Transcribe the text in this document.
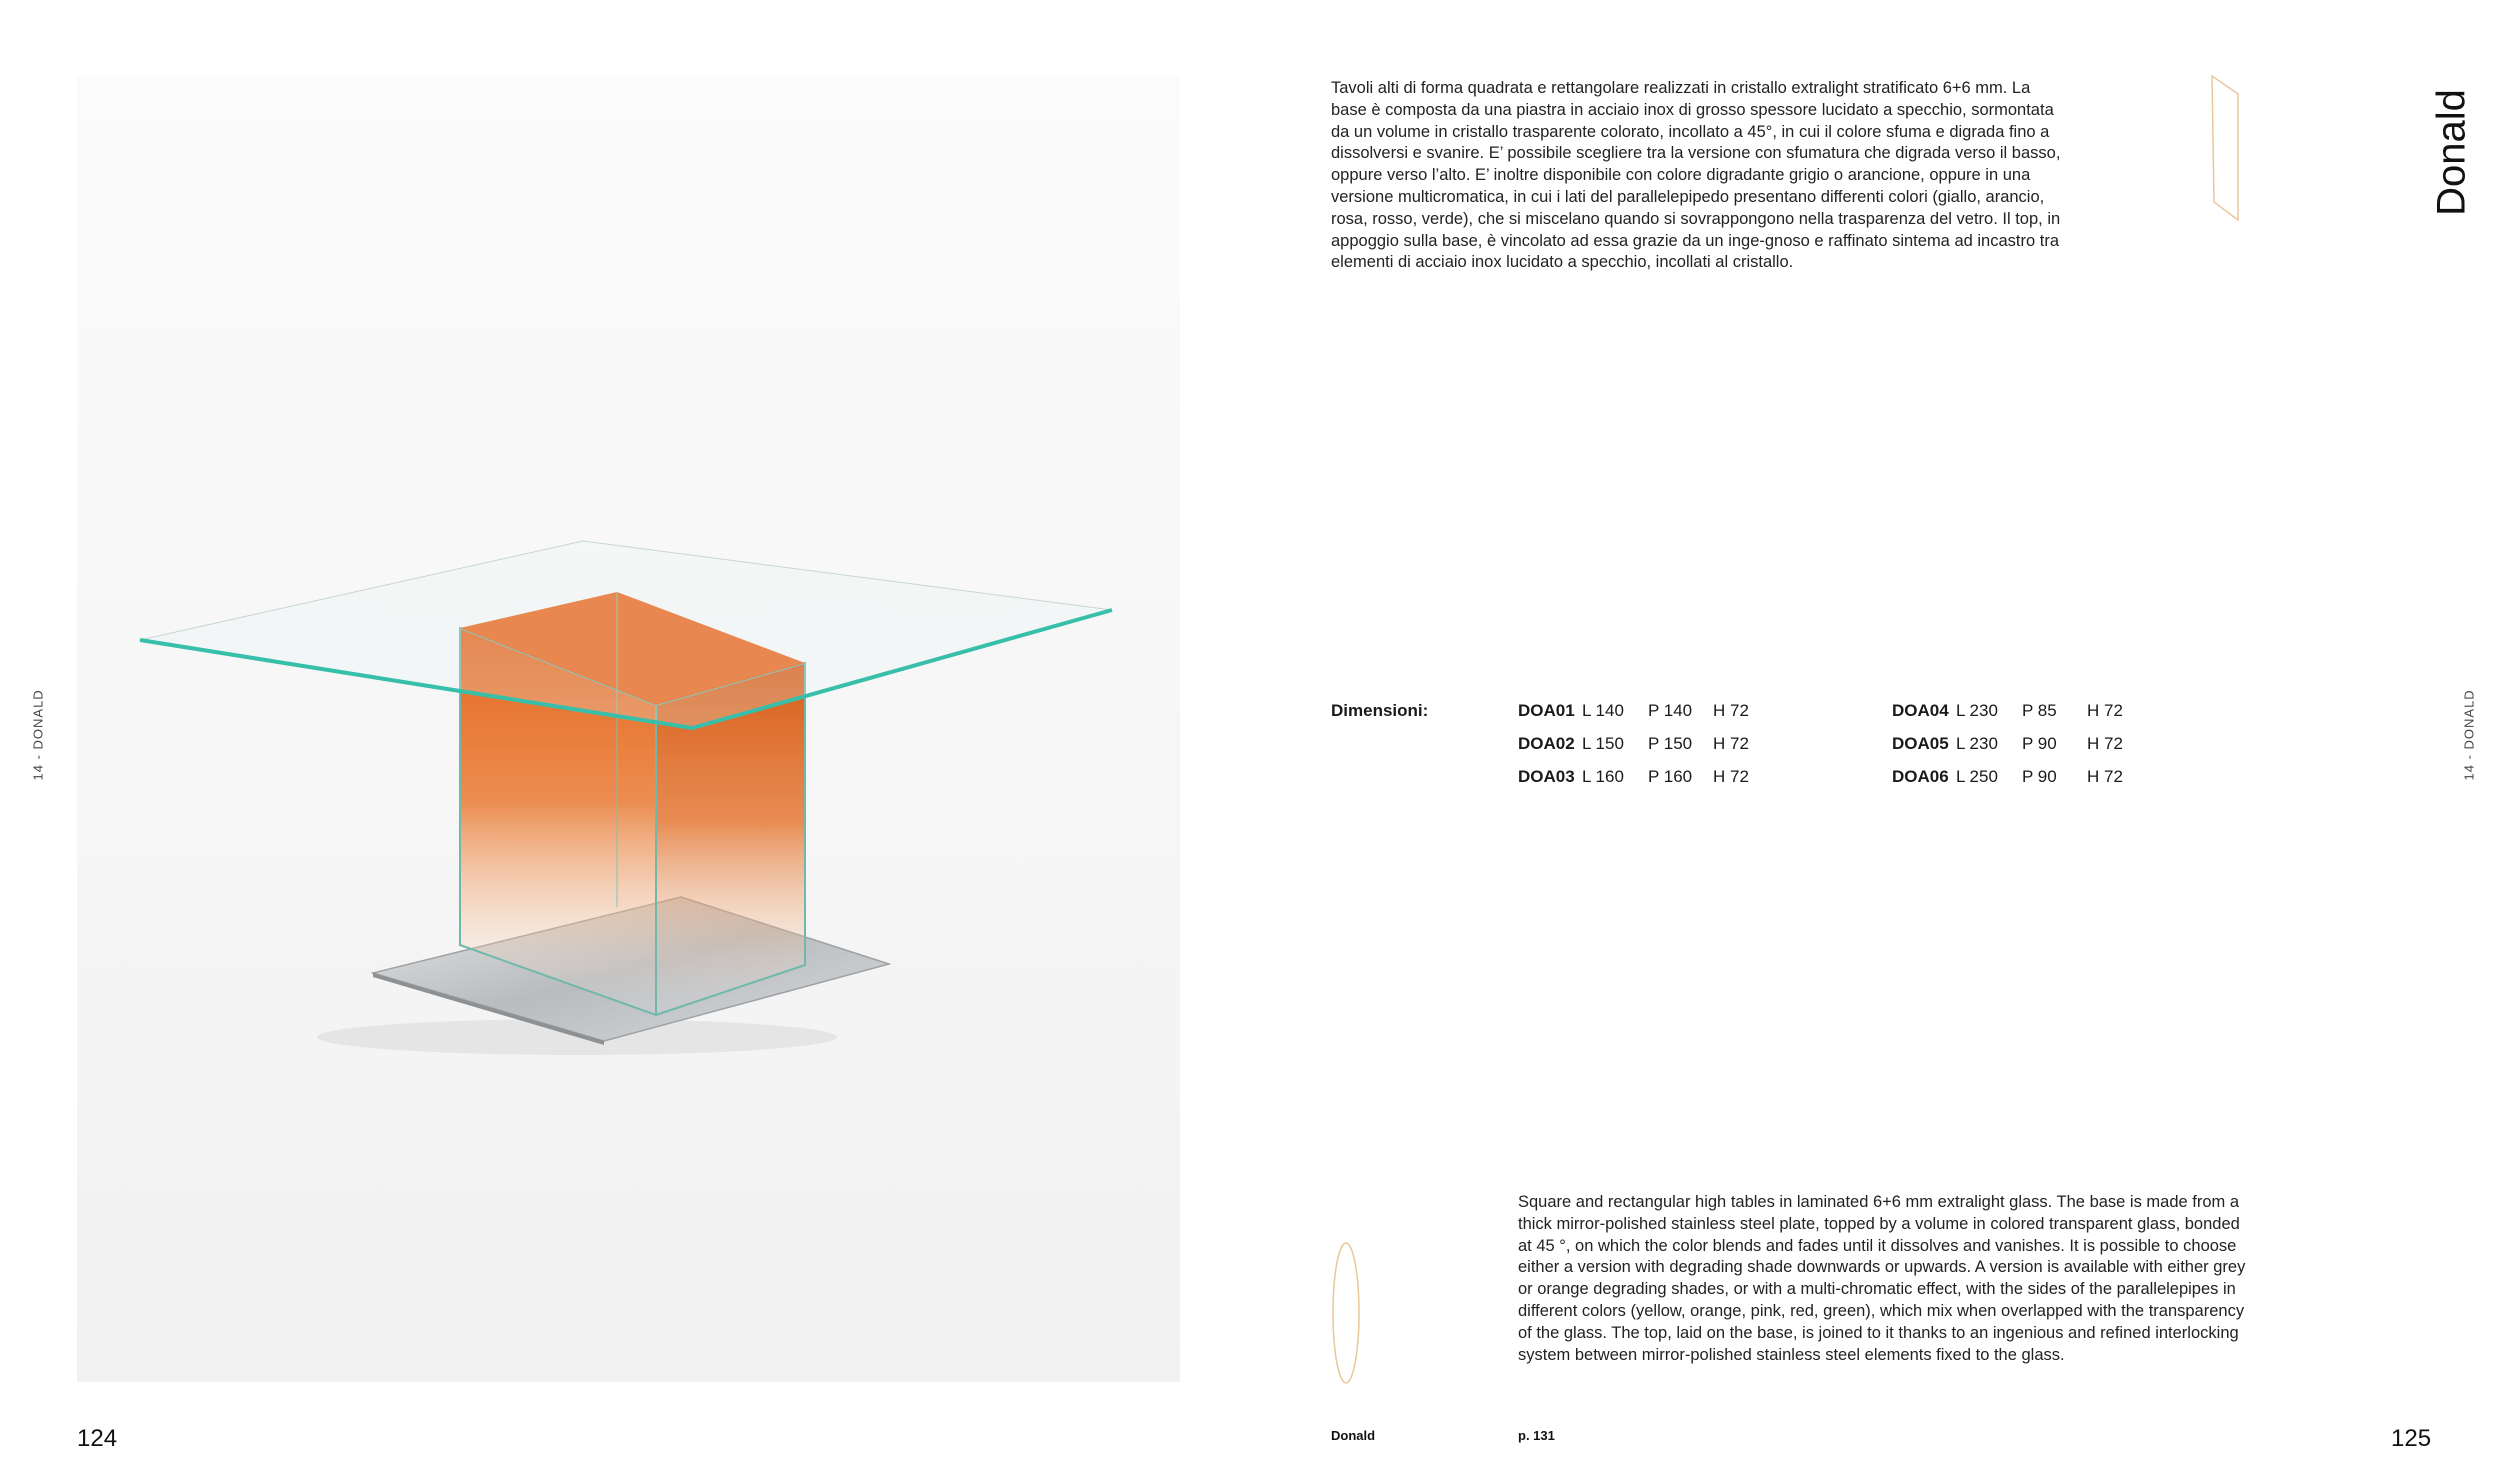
14 - DONALD
124
Tavoli alti di forma quadrata e rettangolare realizzati in cristallo extralight stratificato 6+6 mm. La base è composta da una piastra in acciaio inox di grosso spessore lucidato a specchio, sormontata da un volume in cristallo trasparente colorato, incollato a 45°, in cui il colore sfuma e digrada fino a dissolversi e svanire. E’ possibile scegliere tra la versione con sfumatura che digrada verso il basso, oppure verso l’alto. E’ inoltre disponibile con colore digradante grigio o arancione, oppure in una versione multicromatica, in cui i lati del parallelepipedo presentano differenti colori (giallo, arancio, rosa, rosso, verde), che si miscelano quando si sovrappongono nella trasparenza del vetro. Il top, in appoggio sulla base, è vincolato ad essa grazie da un inge-gnoso e raffinato sintema ad incastro tra elementi di acciaio inox lucidato a specchio, incollati al cristallo.
Donald
14 - DONALD
Dimensioni:	DOA01 L 140	P 140	H 72
DOA02 L 150	P 150	H 72
DOA03 L 160	P 160	H 72
DOA04 L 230	P 85	H 72
DOA05 L 230	P 90	H 72
DOA06 L 250	P 90	H 72
Square and rectangular high tables in laminated 6+6 mm extralight glass. The base is made from a thick mirror-polished stainless steel plate, topped by a volume in colored transparent glass, bonded at 45 °, on which the color blends and fades until it dissolves and vanishes. It is possible to choose either a version with degrading shade downwards or upwards. A version is available with either grey or orange degrading shades, or with a multi-chromatic effect, with the sides of the parallelepipes in different colors (yellow, orange, pink, red, green), which mix when overlapped with the transparency of the glass. The top, laid on the base, is joined to it thanks to an ingenious and refined interlocking system between mirror-polished stainless steel elements fixed to the glass.
Donald	p. 131	125
